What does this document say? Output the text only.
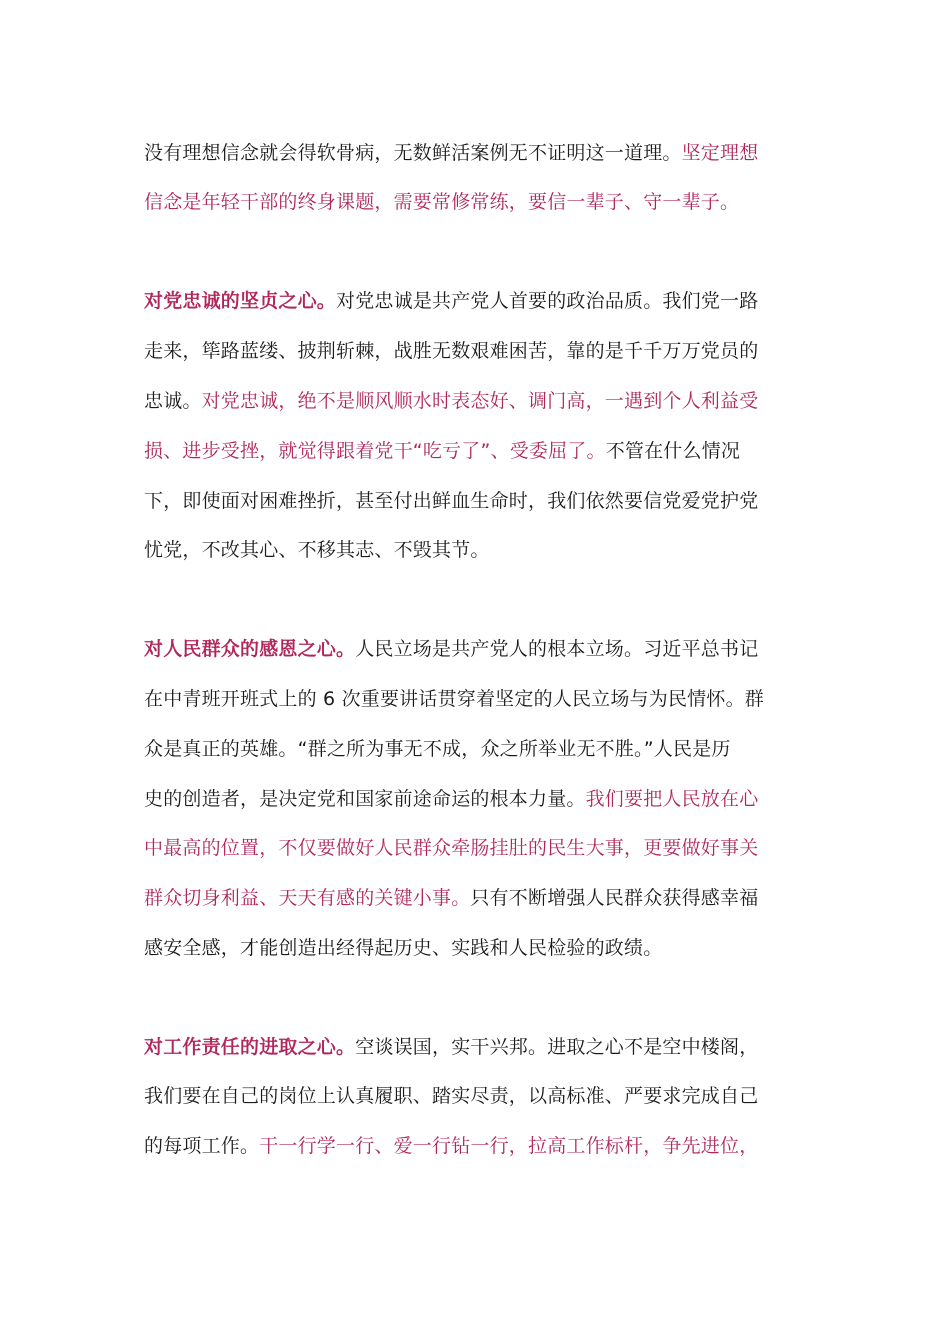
没有理想信念就会得软骨病，无数鲜活案例无不证明这一道理。坚定理想
信念是年轻干部的终身课题，需要常修常练，要信一辈子、守一辈子。
对党忠诚的坚贞之心。对党忠诚是共产党人首要的政治品质。我们党一路
走来，筚路蓝缕、披荆斩棘，战胜无数艰难困苦，靠的是千千万万党员的
忠诚。对党忠诚，绝不是顺风顺水时表态好、调门高，一遇到个人利益受
损、进步受挫，就觉得跟着党干“吃亏了”、受委屈了。不管在什么情况
下，即使面对困难挫折，甚至付出鲜血生命时，我们依然要信党爱党护党
忧党，不改其心、不移其志、不毁其节。
对人民群众的感恩之心。人民立场是共产党人的根本立场。习近平总书记
在中青班开班式上的 6 次重要讲话贯穿着坚定的人民立场与为民情怀。群
众是真正的英雄。“群之所为事无不成，众之所举业无不胜。”人民是历
史的创造者，是决定党和国家前途命运的根本力量。我们要把人民放在心
中最高的位置，不仅要做好人民群众牵肠挂肚的民生大事，更要做好事关
群众切身利益、天天有感的关键小事。只有不断增强人民群众获得感幸福
感安全感，才能创造出经得起历史、实践和人民检验的政绩。
对工作责任的进取之心。空谈误国，实干兴邦。进取之心不是空中楼阁，
我们要在自己的岗位上认真履职、踏实尽责，以高标准、严要求完成自己
的每项工作。干一行学一行、爱一行钻一行，拉高工作标杆，争先进位，
